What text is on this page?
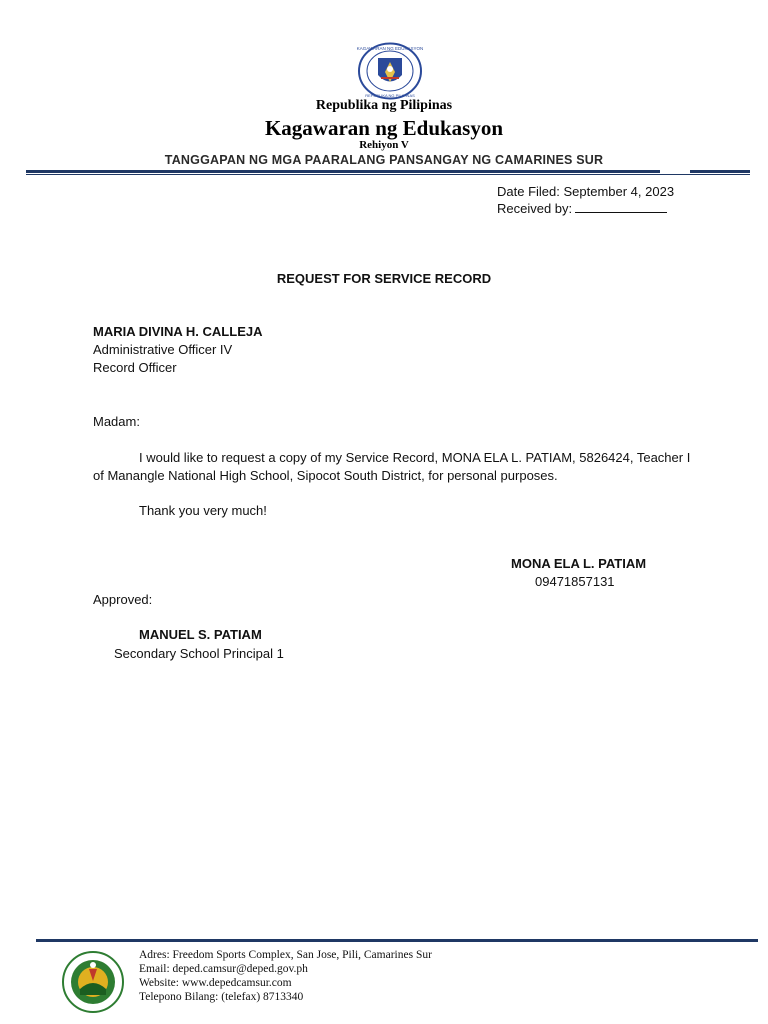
KAGAWARAN NG EDUKASYON
REPUBLIKA NG PILIPINAS
Republika ng Pilipinas
Kagawaran ng Edukasyon
Rehiyon V
TANGGAPAN NG MGA PAARALANG PANSANGAY NG CAMARINES SUR
Date Filed: September 4, 2023
Received by:
REQUEST FOR SERVICE RECORD
MARIA DIVINA H. CALLEJA
Administrative Officer IV
Record Officer
Madam:
I would like to request a copy of my Service Record, MONA ELA L. PATIAM, 5826424, Teacher I of Manangle National High School, Sipocot South District, for personal purposes.
Thank you very much!
MONA ELA L. PATIAM
09471857131
Approved:
MANUEL S. PATIAM
Secondary School Principal 1
Adres: Freedom Sports Complex, San Jose, Pili, Camarines Sur
Email: deped.camsur@deped.gov.ph
Website: www.depedcamsur.com
Telepono Bilang: (telefax) 8713340
